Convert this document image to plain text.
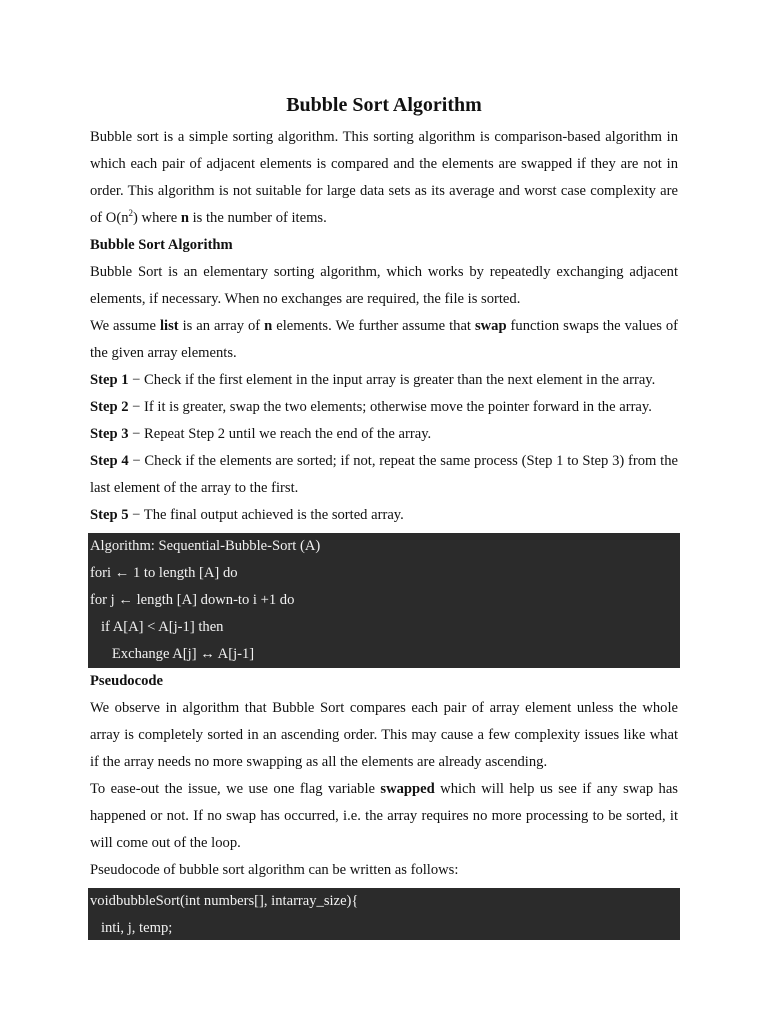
Bubble Sort Algorithm

Bubble sort is a simple sorting algorithm. This sorting algorithm is comparison-based algorithm in which each pair of adjacent elements is compared and the elements are swapped if they are not in order. This algorithm is not suitable for large data sets as its average and worst case complexity are of $O(n^2)$ where n is the number of items.

Bubble Sort Algorithm

Bubble Sort is an elementary sorting algorithm, which works by repeatedly exchanging adjacent elements, if necessary. When no exchanges are required, the file is sorted.

We assume list is an array of n elements. We further assume that swap function swaps the values of the given array elements.

Step 1 − Check if the first element in the input array is greater than the next element in the array.

Step 2 − If it is greater, swap the two elements; otherwise move the pointer forward in the array.

Step 3 − Repeat Step 2 until we reach the end of the array.

Step 4 − Check if the elements are sorted; if not, repeat the same process (Step 1 to Step 3) from the last element of the array to the first.

Step 5 − The final output achieved is the sorted array.

Algorithm: Sequential-Bubble-Sort (A)
fori ← 1 to length [A] do
for j ← length [A] down-to i +1 do
if A[A] < A[j-1] then
Exchange A[j] ↔ A[j-1]

Pseudocode

We observe in algorithm that Bubble Sort compares each pair of array element unless the whole array is completely sorted in an ascending order. This may cause a few complexity issues like what if the array needs no more swapping as all the elements are already ascending.

To ease-out the issue, we use one flag variable swapped which will help us see if any swap has happened or not. If no swap has occurred, i.e. the array requires no more processing to be sorted, it will come out of the loop.

Pseudocode of bubble sort algorithm can be written as follows:

voidbubbleSort(int numbers[], intarray_size){
inti, j, temp;
